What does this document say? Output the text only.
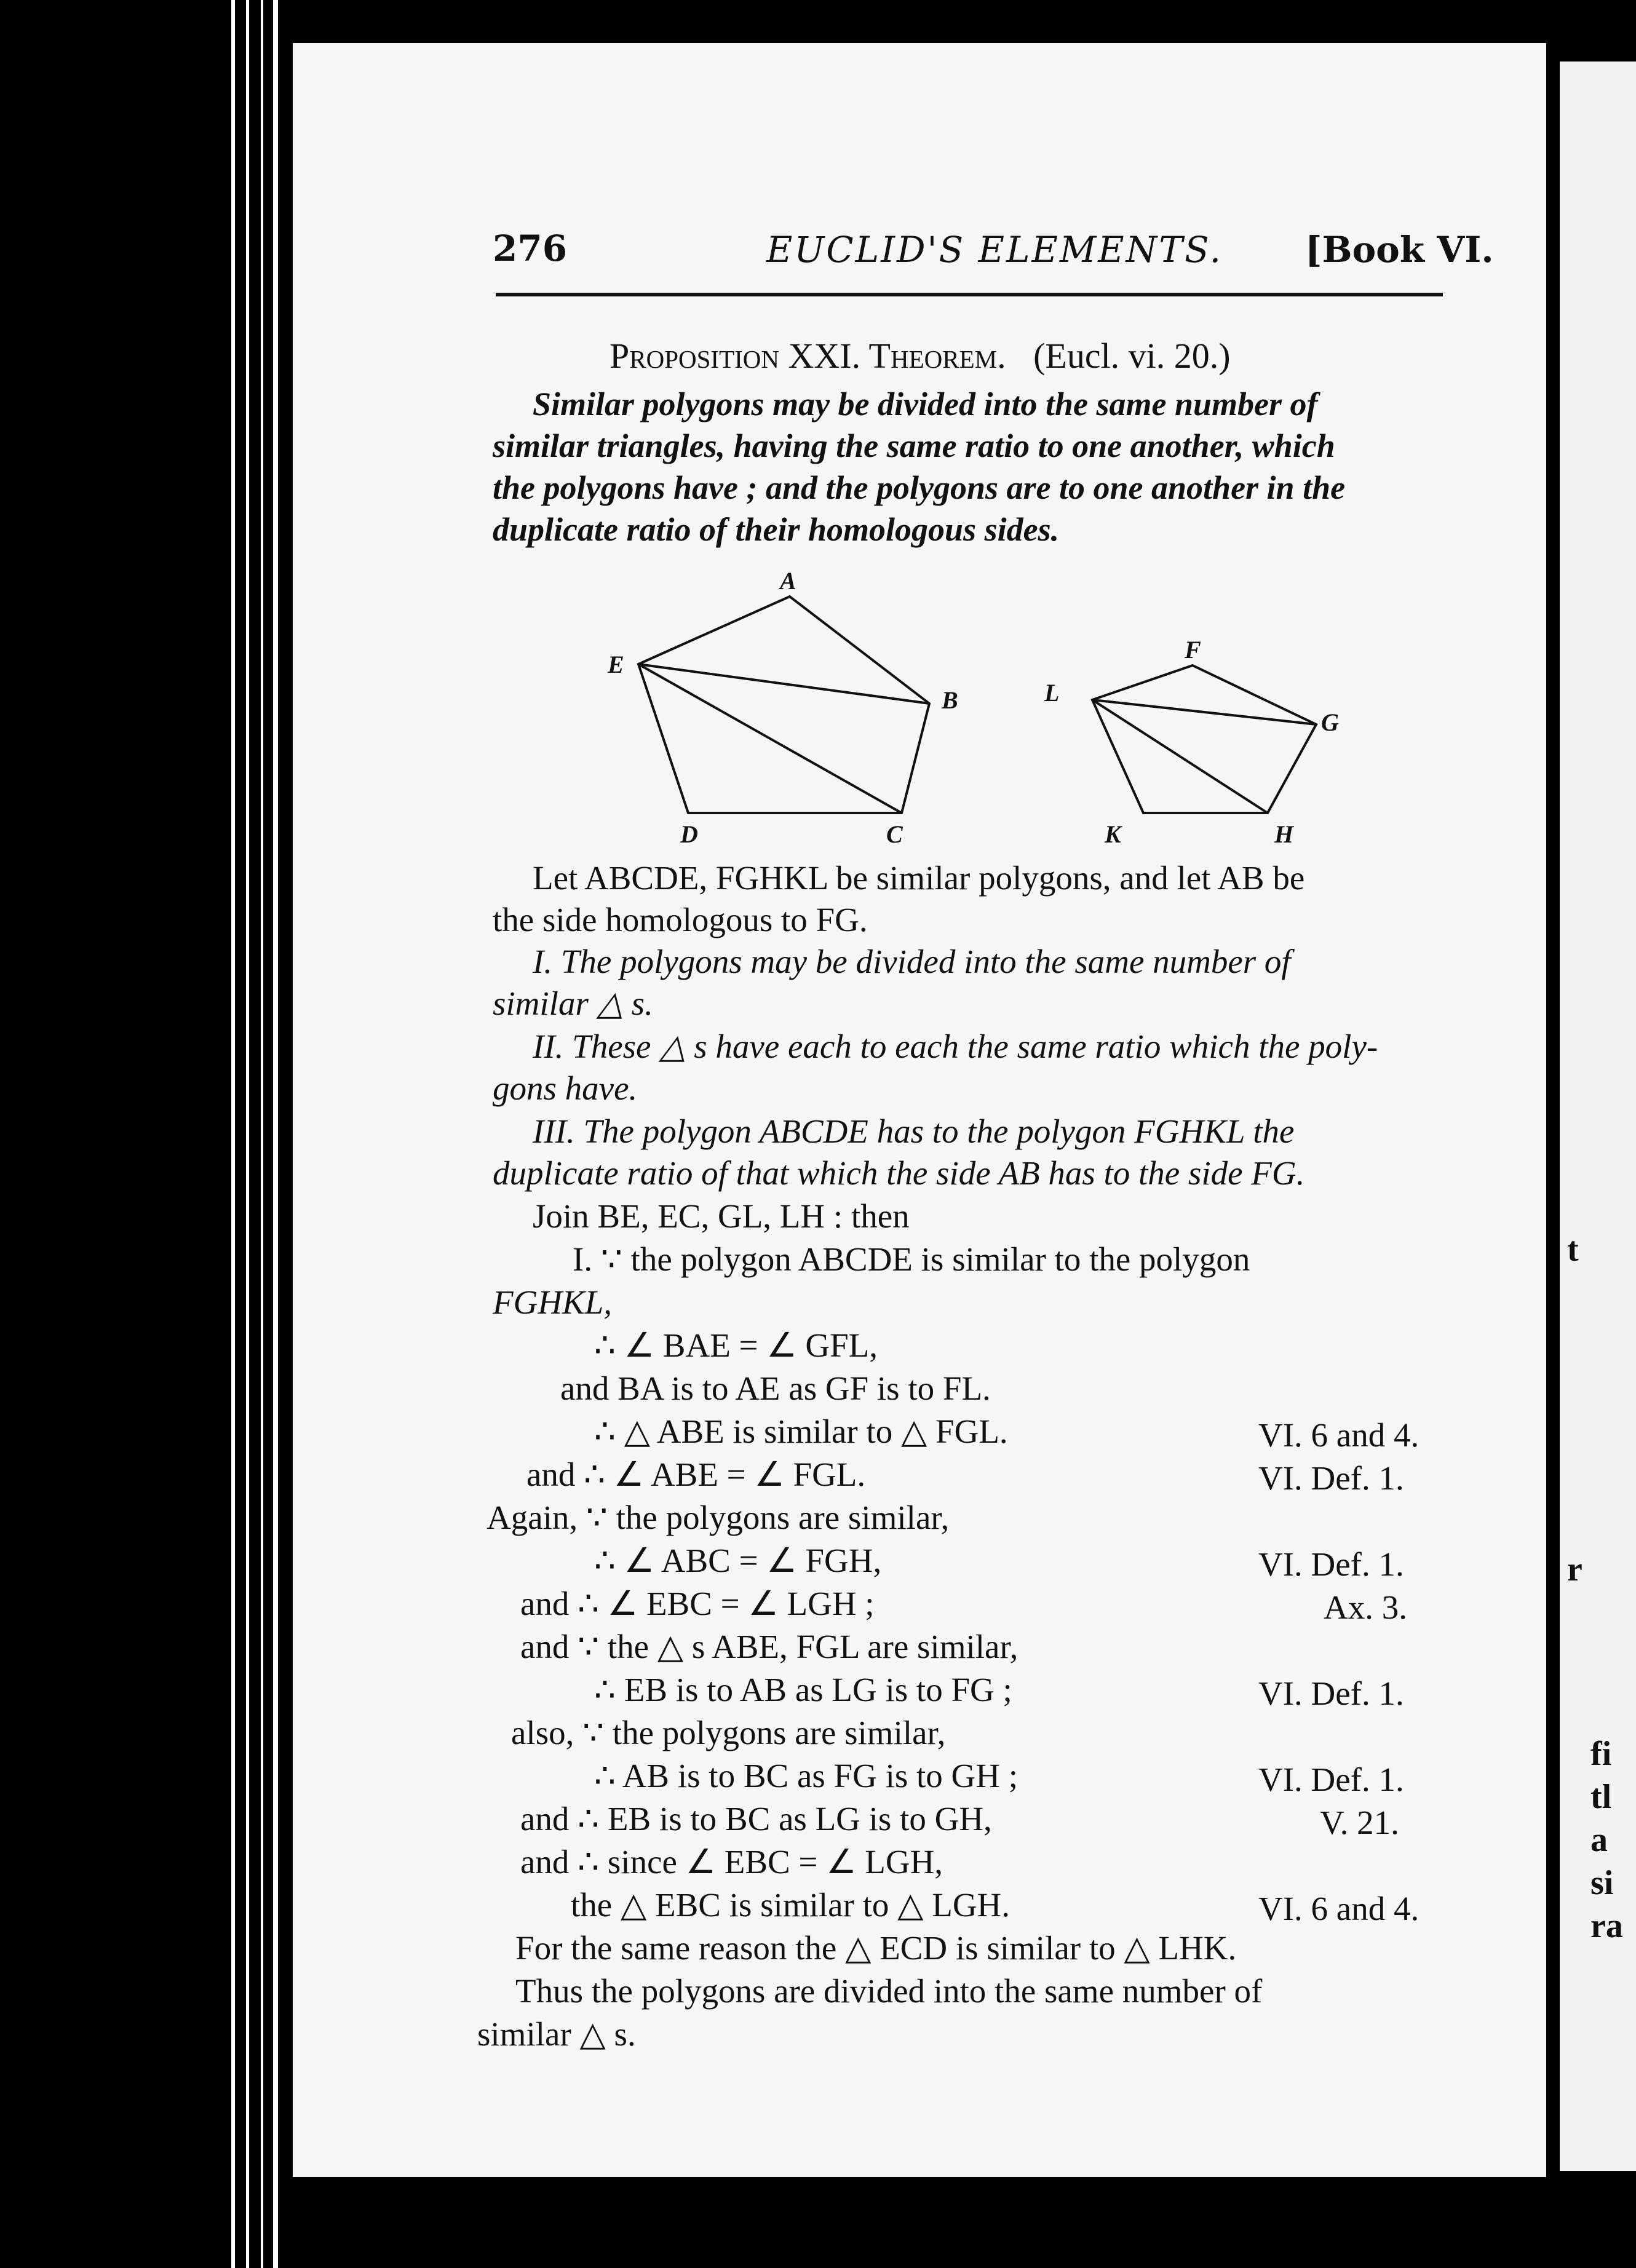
276	EUCLID'S ELEMENTS. [Book VI.
Proposition XXI. Theorem. (Eucl. vi. 20.)
Similar polygons may be divided into the same number of
similar triangles, having the same ratio to one another, which
the polygons have ; and the polygons are to one another in the
duplicate ratio of their homologous sides.
A
B
C
D
E
F
G
H
K
L
Let ABCDE, FGHKL be similar polygons, and let AB be
the side homologous to FG.
I. The polygons may be divided into the same number of
similar △ s.
II. These △ s have each to each the same ratio which the poly-
gons have.
III. The polygon ABCDE has to the polygon FGHKL the
duplicate ratio of that which the side AB has to the side FG.
Join BE, EC, GL, LH : then
I. ∵ the polygon ABCDE is similar to the polygon
FGHKL,
∴ ∠ BAE = ∠ GFL,
and BA is to AE as GF is to FL.
∴ △ ABE is similar to △ FGL.	VI. 6 and 4.
and ∴ ∠ ABE = ∠ FGL.	VI. Def. 1.
Again, ∵ the polygons are similar,
∴ ∠ ABC = ∠ FGH,	VI. Def. 1.
and ∴ ∠ EBC = ∠ LGH ;	Ax. 3.
and ∵ the △ s ABE, FGL are similar,
∴ EB is to AB as LG is to FG ;	VI. Def. 1.
also, ∵ the polygons are similar,
∴ AB is to BC as FG is to GH ;	VI. Def. 1.
and ∴ EB is to BC as LG is to GH,	V. 21.
and ∴ since ∠ EBC = ∠ LGH,
the △ EBC is similar to △ LGH.	VI. 6 and 4.
For the same reason the △ ECD is similar to △ LHK.
Thus the polygons are divided into the same number of
similar △ s.
t
r
fi
tl
a
si
ra
